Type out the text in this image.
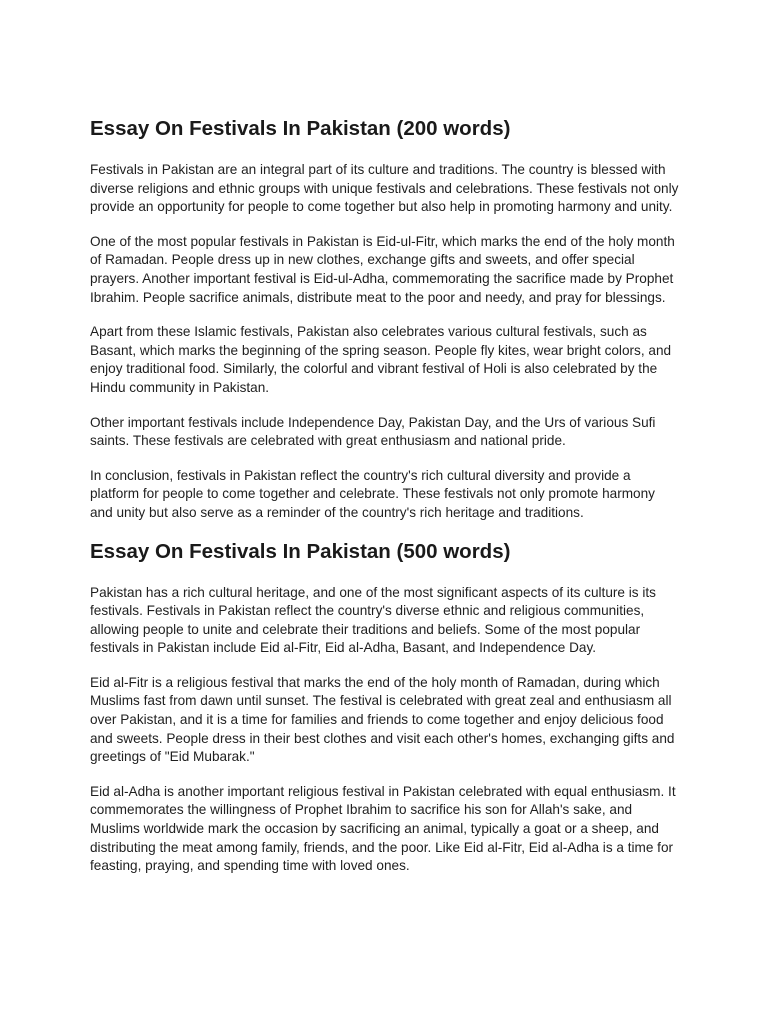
Essay On Festivals In Pakistan (200 words)

Festivals in Pakistan are an integral part of its culture and traditions. The country is blessed with diverse religions and ethnic groups with unique festivals and celebrations. These festivals not only provide an opportunity for people to come together but also help in promoting harmony and unity.

One of the most popular festivals in Pakistan is Eid-ul-Fitr, which marks the end of the holy month of Ramadan. People dress up in new clothes, exchange gifts and sweets, and offer special prayers. Another important festival is Eid-ul-Adha, commemorating the sacrifice made by Prophet Ibrahim. People sacrifice animals, distribute meat to the poor and needy, and pray for blessings.

Apart from these Islamic festivals, Pakistan also celebrates various cultural festivals, such as Basant, which marks the beginning of the spring season. People fly kites, wear bright colors, and enjoy traditional food. Similarly, the colorful and vibrant festival of Holi is also celebrated by the Hindu community in Pakistan.

Other important festivals include Independence Day, Pakistan Day, and the Urs of various Sufi saints. These festivals are celebrated with great enthusiasm and national pride.

In conclusion, festivals in Pakistan reflect the country's rich cultural diversity and provide a platform for people to come together and celebrate. These festivals not only promote harmony and unity but also serve as a reminder of the country's rich heritage and traditions.

Essay On Festivals In Pakistan (500 words)

Pakistan has a rich cultural heritage, and one of the most significant aspects of its culture is its festivals. Festivals in Pakistan reflect the country's diverse ethnic and religious communities, allowing people to unite and celebrate their traditions and beliefs. Some of the most popular festivals in Pakistan include Eid al-Fitr, Eid al-Adha, Basant, and Independence Day.

Eid al-Fitr is a religious festival that marks the end of the holy month of Ramadan, during which Muslims fast from dawn until sunset. The festival is celebrated with great zeal and enthusiasm all over Pakistan, and it is a time for families and friends to come together and enjoy delicious food and sweets. People dress in their best clothes and visit each other's homes, exchanging gifts and greetings of "Eid Mubarak."

Eid al-Adha is another important religious festival in Pakistan celebrated with equal enthusiasm. It commemorates the willingness of Prophet Ibrahim to sacrifice his son for Allah's sake, and Muslims worldwide mark the occasion by sacrificing an animal, typically a goat or a sheep, and distributing the meat among family, friends, and the poor. Like Eid al-Fitr, Eid al-Adha is a time for feasting, praying, and spending time with loved ones.
